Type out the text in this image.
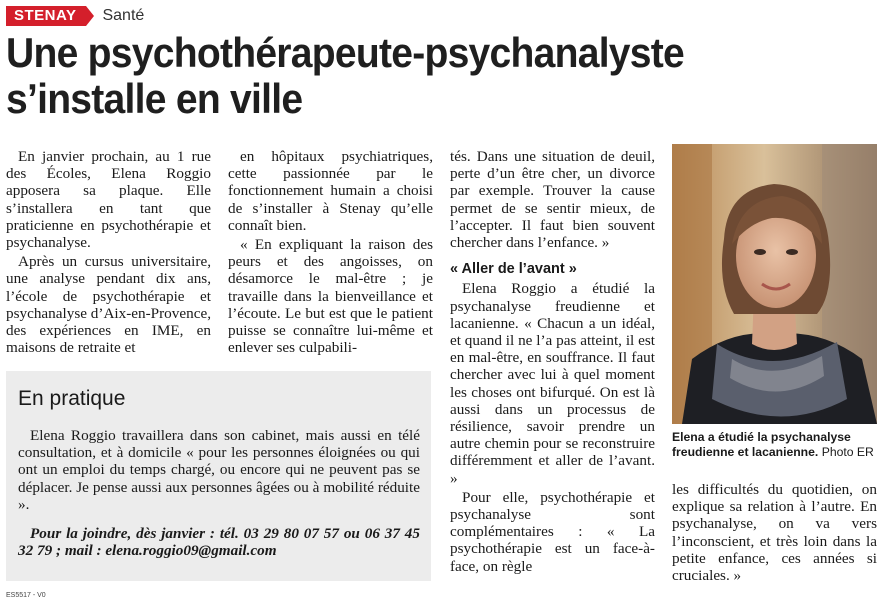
STENAY	Santé
Une psychothérapeute-psychanalyste
s’installe en ville

En janvier prochain, au 1 rue des Écoles, Elena Roggio apposera sa plaque. Elle s’installera en tant que praticienne en psychothérapie et psychanalyse.

Après un cursus universitaire, une analyse pendant dix ans, l’école de psychothérapie et psychanalyse d’Aix-en-Provence, des expériences en IME, en maisons de retraite et

en hôpitaux psychiatriques, cette passionnée par le fonctionnement humain a choisi de s’installer à Stenay qu’elle connaît bien.

« En expliquant la raison des peurs et des angoisses, on désamorce le mal-être ; je travaille dans la bienveillance et l’écoute. Le but est que le patient puisse se connaître lui-même et enlever ses culpabili-

tés. Dans une situation de deuil, perte d’un être cher, un divorce par exemple. Trouver la cause permet de se sentir mieux, de l’accepter. Il faut bien souvent chercher dans l’enfance. »

« Aller de l’avant »

Elena Roggio a étudié la psychanalyse freudienne et lacanienne. « Chacun a un idéal, et quand il ne l’a pas atteint, il est en mal-être, en souffrance. Il faut chercher avec lui à quel moment les choses ont bifurqué. On est là aussi dans un processus de résilience, savoir prendre un autre chemin pour se reconstruire différemment et aller de l’avant. »

Pour elle, psychothérapie et psychanalyse sont complémentaires : « La psychothérapie est un face-à-face, on règle

En pratique

Elena Roggio travaillera dans son cabinet, mais aussi en télé consultation, et à domicile « pour les personnes éloignées ou qui ont un emploi du temps chargé, ou encore qui ne peuvent pas se déplacer. Je pense aussi aux personnes âgées ou à mobilité réduite ».

Pour la joindre, dès janvier : tél. 03 29 80 07 57 ou 06 37 45 32 79 ; mail : elena.roggio09@gmail.com

Elena a étudié la psychanalyse freudienne et lacanienne. Photo ER

les difficultés du quotidien, on explique sa relation à l’autre. En psychanalyse, on va vers l’inconscient, et très loin dans la petite enfance, ces années si cruciales. »

ES5517 - V0
